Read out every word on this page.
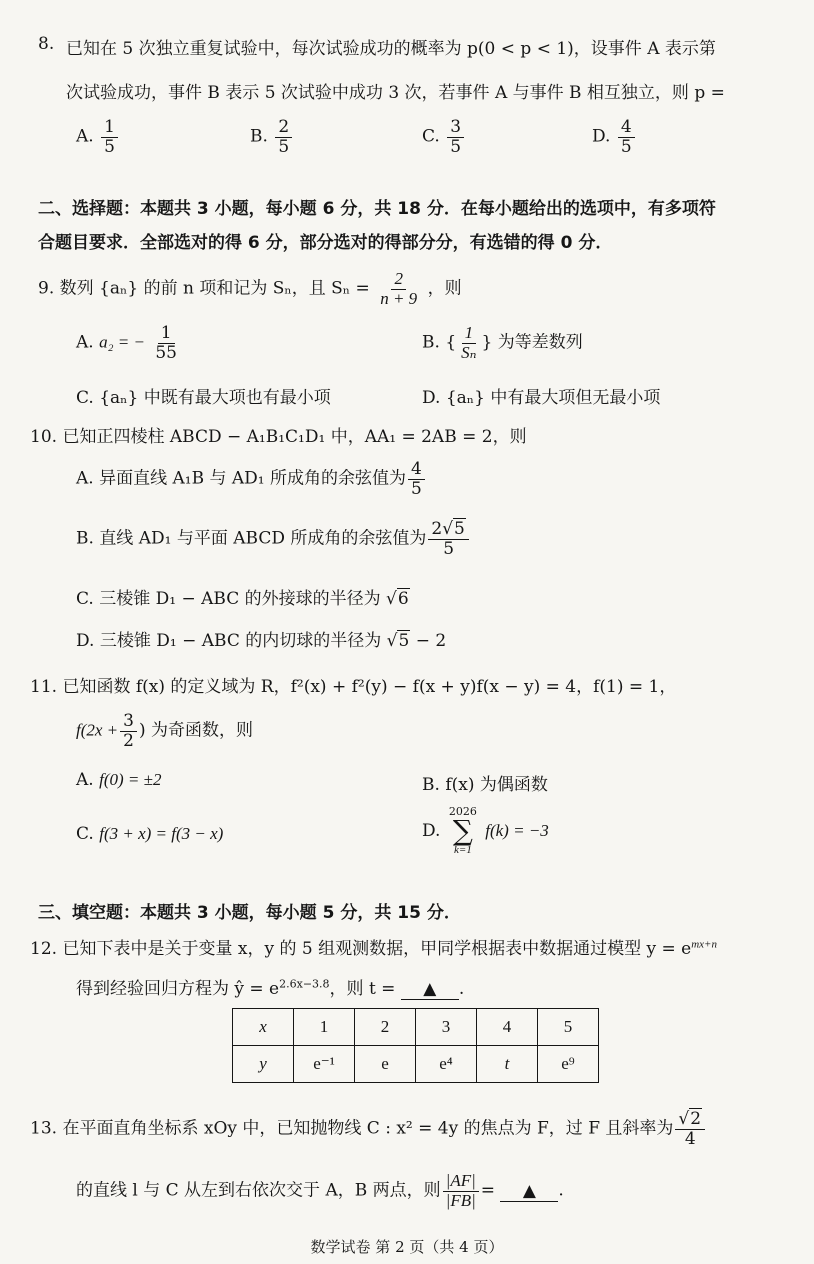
8. 已知在 5 次独立重复试验中，每次试验成功的概率为 p(0 < p < 1)，设事件 A 表示第
次试验成功，事件 B 表示 5 次试验中成功 3 次，若事件 A 与事件 B 相互独立，则 p =
A. $\frac{1}{5}$	B. $\frac{2}{5}$	C. $\frac{3}{5}$	D. $\frac{4}{5}$
二、选择题：本题共 3 小题，每小题 6 分，共 18 分．在每小题给出的选项中，有多项符
合题目要求．全部选对的得 6 分，部分选对的得部分分，有选错的得 0 分．
9. 数列 {aₙ} 的前 n 项和记为 Sₙ，且 $S_n = \frac{2}{n + 9}$ ，则
A. a₂ = − $\frac{1}{55}$	B. { $\frac{1}{\text{Sₙ}}$ } 为等差数列
C. {aₙ} 中既有最大项也有最小项	D. {aₙ} 中有最大项但无最小项
10. 已知正四棱柱 ABCD − A₁B₁C₁D₁ 中，AA₁ = 2AB = 2，则
A. 异面直线 A₁B 与 AD₁ 所成角的余弦值为 $\frac{4}{5}$
B. 直线 AD₁ 与平面 ABCD 所成角的余弦值为 $\frac{2√5}{5}$
C. 三棱锥 D₁ − ABC 的外接球的半径为 √6
D. 三棱锥 D₁ − ABC 的内切球的半径为 √5 − 2
11. 已知函数 f(x) 的定义域为 R，f²(x) + f²(y) − f(x + y)f(x − y) = 4，f(1) = 1，
$f(2x + \frac{3}{2}$ ) 为奇函数，则
A. f(0) = ±2	B. f(x) 为偶函数
C. f(3 + x) = f(3 − x)	D.
2026
∑
k=1
f(k) = −3
三、填空题：本题共 3 小题，每小题 5 分，共 15 分．
12. 已知下表中是关于变量 x，y 的 5 组观测数据，甲同学根据表中数据通过模型 $y = e^{mx+n}$
得到经验回归方程为 ŷ = $e^{2.6x-3.8}$，则 t = ▲ .
x	1	2	3	4	5
y	e⁻¹	e	e⁴	t	e⁹
13. 在平面直角坐标系 xOy 中，已知抛物线 C : x² = 4y 的焦点为 F，过 F 且斜率为 $\frac{√2}{4}$
的直线 l 与 C 从左到右依次交于 A，B 两点，则 $\frac{|AF|}{|FB|}$ = ▲ .
数学试卷 第 2 页（共 4 页）
